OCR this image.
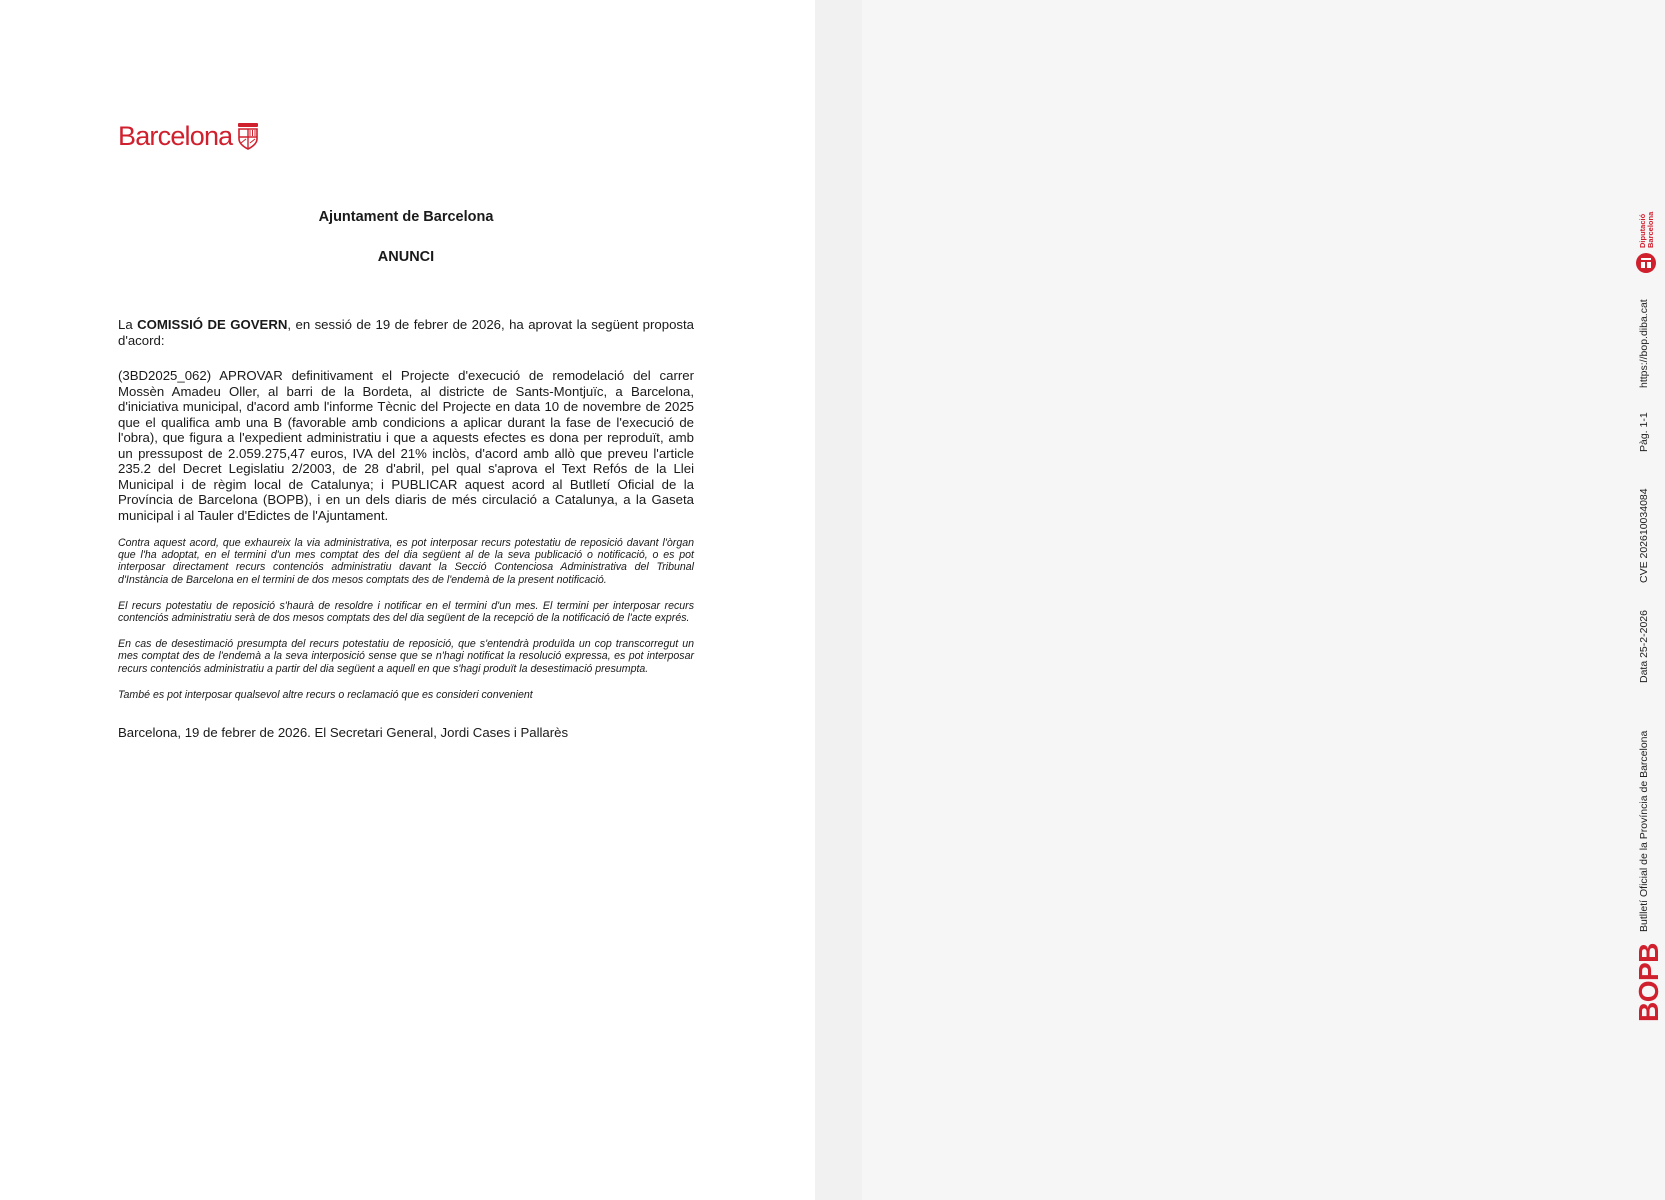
Barcelona
Ajuntament de Barcelona
ANUNCI

La COMISSIÓ DE GOVERN, en sessió de 19 de febrer de 2026, ha aprovat la següent proposta d'acord:

(3BD2025_062) APROVAR definitivament el Projecte d'execució de remodelació del carrer Mossèn Amadeu Oller, al barri de la Bordeta, al districte de Sants-Montjuïc, a Barcelona, d'iniciativa municipal, d'acord amb l'informe Tècnic del Projecte en data 10 de novembre de 2025 que el qualifica amb una B (favorable amb condicions a aplicar durant la fase de l'execució de l'obra), que figura a l'expedient administratiu i que a aquests efectes es dona per reproduït, amb un pressupost de 2.059.275,47 euros, IVA del 21% inclòs, d'acord amb allò que preveu l'article 235.2 del Decret Legislatiu 2/2003, de 28 d'abril, pel qual s'aprova el Text Refós de la Llei Municipal i de règim local de Catalunya; i PUBLICAR aquest acord al Butlletí Oficial de la Província de Barcelona (BOPB), i en un dels diaris de més circulació a Catalunya, a la Gaseta municipal i al Tauler d'Edictes de l'Ajuntament.

Contra aquest acord, que exhaureix la via administrativa, es pot interposar recurs potestatiu de reposició davant l'òrgan que l'ha adoptat, en el termini d'un mes comptat des del dia següent al de la seva publicació o notificació, o es pot interposar directament recurs contenciós administratiu davant la Secció Contenciosa Administrativa del Tribunal d'Instància de Barcelona en el termini de dos mesos comptats des de l'endemà de la present notificació.

El recurs potestatiu de reposició s'haurà de resoldre i notificar en el termini d'un mes. El termini per interposar recurs contenciós administratiu serà de dos mesos comptats des del dia següent de la recepció de la notificació de l'acte exprés.

En cas de desestimació presumpta del recurs potestatiu de reposició, que s'entendrà produïda un cop transcorregut un mes comptat des de l'endemà a la seva interposició sense que se n'hagi notificat la resolució expressa, es pot interposar recurs contenciós administratiu a partir del dia següent a aquell en que s'hagi produït la desestimació presumpta.

També es pot interposar qualsevol altre recurs o reclamació que es consideri convenient

Barcelona, 19 de febrer de 2026. El Secretari General, Jordi Cases i Pallarès

BOPB
Butlletí Oficial de la Província de Barcelona
Data 25-2-2026
CVE 202610034084
Pàg. 1-1
https://bop.diba.cat
Diputació Barcelona
